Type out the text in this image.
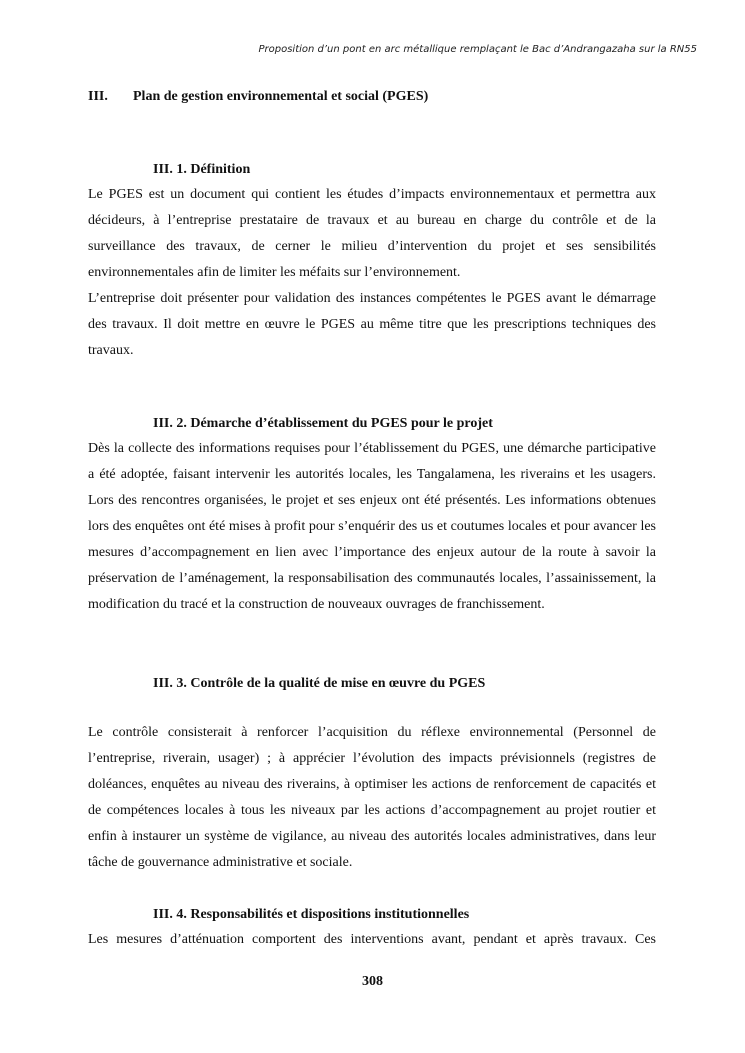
Proposition d’un pont en arc métallique remplaçant le Bac d’Andrangazaha sur la RN55
III. Plan de gestion environnemental et social (PGES)
III. 1. Définition

Le PGES est un document qui contient les études d’impacts environnementaux et permettra aux décideurs, à l’entreprise prestataire de travaux et au bureau en charge du contrôle et de la surveillance des travaux, de cerner le milieu d’intervention du projet et ses sensibilités environnementales afin de limiter les méfaits sur l’environnement.

L’entreprise doit présenter pour validation des instances compétentes le PGES avant le démarrage des travaux. Il doit mettre en œuvre le PGES au même titre que les prescriptions techniques des travaux.

III. 2. Démarche d’établissement du PGES pour le projet

Dès la collecte des informations requises pour l’établissement du PGES, une démarche participative a été adoptée, faisant intervenir les autorités locales, les Tangalamena, les riverains et les usagers. Lors des rencontres organisées, le projet et ses enjeux ont été présentés. Les informations obtenues lors des enquêtes ont été mises à profit pour s’enquérir des us et coutumes locales et pour avancer les mesures d’accompagnement en lien avec l’importance des enjeux autour de la route à savoir la préservation de l’aménagement, la responsabilisation des communautés locales, l’assainissement, la modification du tracé et la construction de nouveaux ouvrages de franchissement.

III. 3. Contrôle de la qualité de mise en œuvre du PGES

Le contrôle consisterait à renforcer l’acquisition du réflexe environnemental (Personnel de l’entreprise, riverain, usager) ; à apprécier l’évolution des impacts prévisionnels (registres de doléances, enquêtes au niveau des riverains, à optimiser les actions de renforcement de capacités et de compétences locales à tous les niveaux par les actions d’accompagnement au projet routier et enfin à instaurer un système de vigilance, au niveau des autorités locales administratives, dans leur tâche de gouvernance administrative et sociale.

III. 4. Responsabilités et dispositions institutionnelles

Les mesures d’atténuation comportent des interventions avant, pendant et après travaux. Ces

308
